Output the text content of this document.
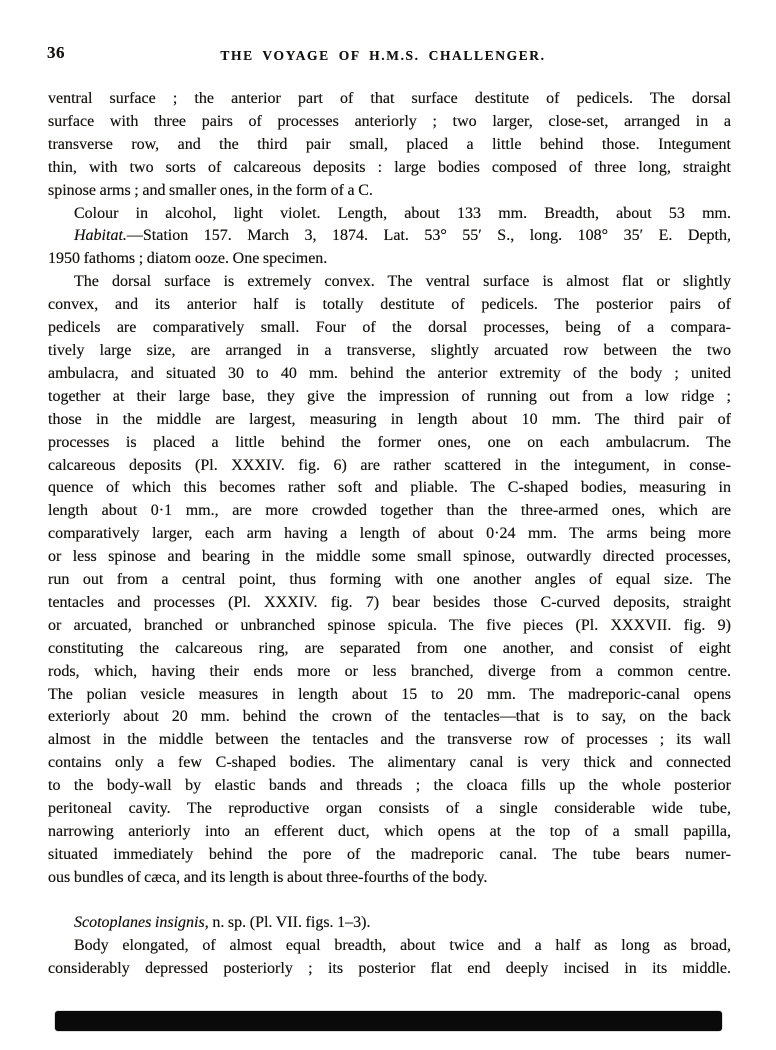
36	THE VOYAGE OF H.M.S. CHALLENGER.
ventral surface ; the anterior part of that surface destitute of pedicels. The dorsal
surface with three pairs of processes anteriorly ; two larger, close-set, arranged in a
transverse row, and the third pair small, placed a little behind those. Integument
thin, with two sorts of calcareous deposits : large bodies composed of three long, straight
spinose arms ; and smaller ones, in the form of a C.
Colour in alcohol, light violet. Length, about 133 mm. Breadth, about 53 mm.
Habitat.—Station 157. March 3, 1874. Lat. 53° 55′ S., long. 108° 35′ E. Depth,
1950 fathoms ; diatom ooze. One specimen.
The dorsal surface is extremely convex. The ventral surface is almost flat or slightly
convex, and its anterior half is totally destitute of pedicels. The posterior pairs of
pedicels are comparatively small. Four of the dorsal processes, being of a compara-
tively large size, are arranged in a transverse, slightly arcuated row between the two
ambulacra, and situated 30 to 40 mm. behind the anterior extremity of the body ; united
together at their large base, they give the impression of running out from a low ridge ;
those in the middle are largest, measuring in length about 10 mm. The third pair of
processes is placed a little behind the former ones, one on each ambulacrum. The
calcareous deposits (Pl. XXXIV. fig. 6) are rather scattered in the integument, in conse-
quence of which this becomes rather soft and pliable. The C-shaped bodies, measuring in
length about 0·1 mm., are more crowded together than the three-armed ones, which are
comparatively larger, each arm having a length of about 0·24 mm. The arms being more
or less spinose and bearing in the middle some small spinose, outwardly directed processes,
run out from a central point, thus forming with one another angles of equal size. The
tentacles and processes (Pl. XXXIV. fig. 7) bear besides those C-curved deposits, straight
or arcuated, branched or unbranched spinose spicula. The five pieces (Pl. XXXVII. fig. 9)
constituting the calcareous ring, are separated from one another, and consist of eight
rods, which, having their ends more or less branched, diverge from a common centre.
The polian vesicle measures in length about 15 to 20 mm. The madreporic-canal opens
exteriorly about 20 mm. behind the crown of the tentacles—that is to say, on the back
almost in the middle between the tentacles and the transverse row of processes ; its wall
contains only a few C-shaped bodies. The alimentary canal is very thick and connected
to the body-wall by elastic bands and threads ; the cloaca fills up the whole posterior
peritoneal cavity. The reproductive organ consists of a single considerable wide tube,
narrowing anteriorly into an efferent duct, which opens at the top of a small papilla,
situated immediately behind the pore of the madreporic canal. The tube bears numer-
ous bundles of cæca, and its length is about three-fourths of the body.
Scotoplanes insignis, n. sp. (Pl. VII. figs. 1–3).
Body elongated, of almost equal breadth, about twice and a half as long as broad,
considerably depressed posteriorly ; its posterior flat end deeply incised in its middle.
